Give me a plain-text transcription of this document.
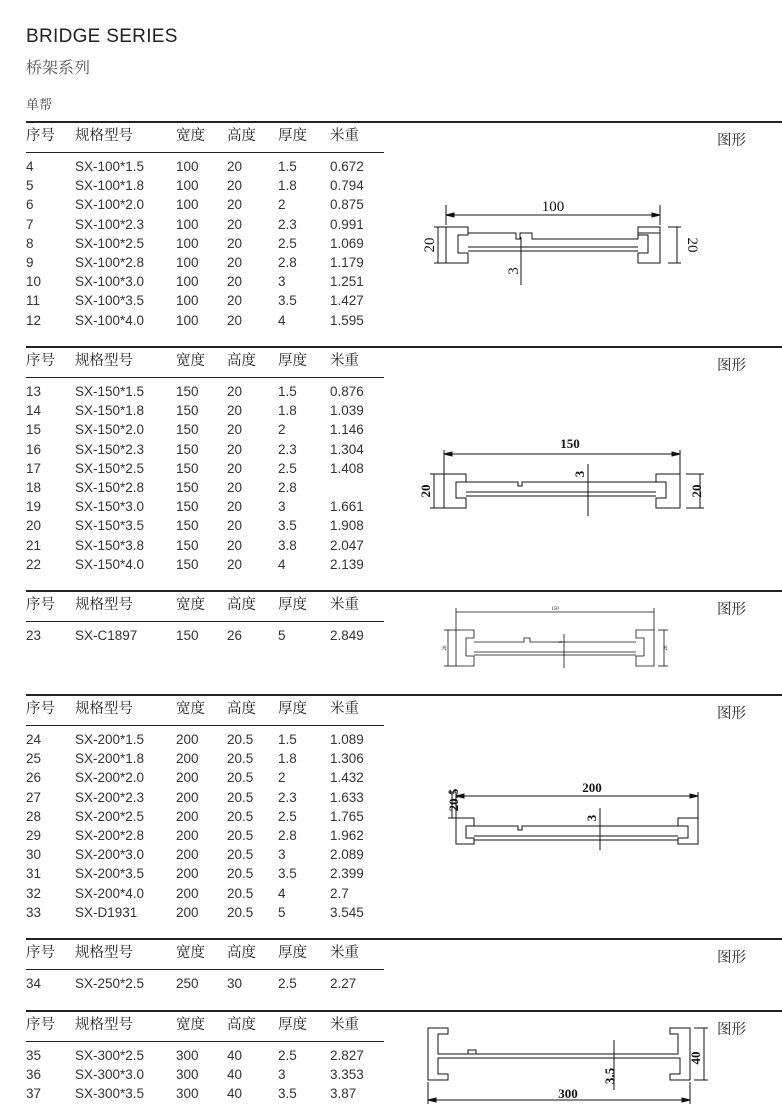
BRIDGE SERIES
桥架系列
单帮
100
20	20
3
序号 规格型号	宽度 高度 厚度 米重	图形
4	SX-100*1.5 100 20	1.5 0.672
5	SX-100*1.8 100 20	1.8 0.794
6	SX-100*2.0 100 20	2	0.875
7	SX-100*2.3 100 20	2.3 0.991
8	SX-100*2.5 100 20	2.5 1.069
9	SX-100*2.8 100 20	2.8 1.179
10	SX-100*3.0 100 20	3	1.251
11	SX-100*3.5 100 20	3.5 1.427
12	SX-100*4.0 100 20	4	1.595
150
20	20
3
序号 规格型号	宽度 高度 厚度 米重	图形
13	SX-150*1.5 150 20	1.5 0.876
14	SX-150*1.8 150 20	1.8 1.039
15	SX-150*2.0 150 20	2	1.146
16	SX-150*2.3 150 20	2.3 1.304
17	SX-150*2.5 150 20	2.5 1.408
18	SX-150*2.8 150 20	2.8
19	SX-150*3.0 150 20	3	1.661
20	SX-150*3.5 150 20	3.5 1.908
21	SX-150*3.8 150 20	3.8 2.047
22	SX-150*4.0 150 20	4	2.139
150
26	26
5
序号 规格型号	宽度 高度 厚度 米重	图形
23	SX-C1897	150 26	5	2.849
200
20.5
3
序号 规格型号	宽度 高度 厚度 米重	图形
24	SX-200*1.5 200 20.5 1.5 1.089
25	SX-200*1.8 200 20.5 1.8 1.306
26	SX-200*2.0 200 20.5 2	1.432
27	SX-200*2.3 200 20.5 2.3 1.633
28	SX-200*2.5 200 20.5 2.5 1.765
29	SX-200*2.8 200 20.5 2.8 1.962
30	SX-200*3.0 200 20.5 3	2.089
31	SX-200*3.5 200 20.5 3.5 2.399
32	SX-200*4.0 200 20.5 4	2.7
33	SX-D1931	200 20.5 5	3.545
序号 规格型号	宽度 高度 厚度 米重	图形
34	SX-250*2.5 250 30	2.5 2.27
300
40
3.5
序号 规格型号	宽度 高度 厚度 米重	图形
35	SX-300*2.5 300 40	2.5 2.827
36	SX-300*3.0 300 40	3	3.353
37	SX-300*3.5 300 40	3.5 3.87
